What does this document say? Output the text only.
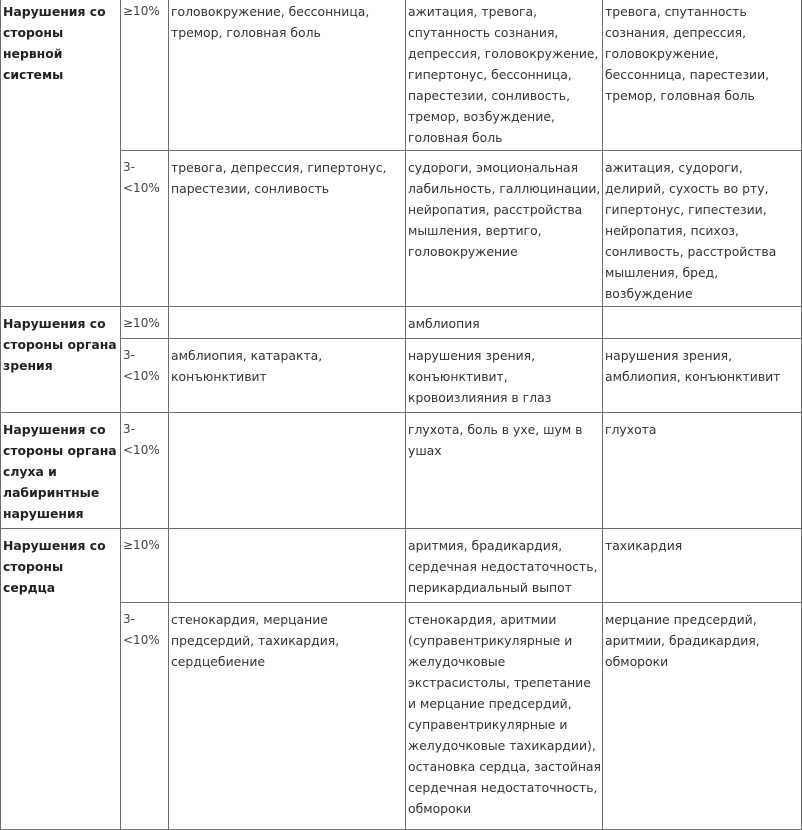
Нарушения со стороны нервной системы	≥10%	головокружение, бессонница, тремор, головная боль	ажитация, тревога, спутанность сознания, депрессия, головокружение, гипертонус, бессонница, парестезии, сонливость, тремор, возбуждение, головная боль	тревога, спутанность сознания, депрессия, головокружение, бессонница, парестезии, тремор, головная боль
	3-<10%	тревога, депрессия, гипертонус, парестезии, сонливость	судороги, эмоциональная лабильность, галлюцинации, нейропатия, расстройства мышления, вертиго, головокружение	ажитация, судороги, делирий, сухость во рту, гипертонус, гипестезии, нейропатия, психоз, сонливость, расстройства мышления, бред, возбуждение
Нарушения со стороны органа зрения	≥10%		амблиопия	
	3-<10%	амблиопия, катаракта, конъюнктивит	нарушения зрения, конъюнктивит, кровоизлияния в глаз	нарушения зрения, амблиопия, конъюнктивит
Нарушения со стороны органа слуха и лабиринтные нарушения	3-<10%		глухота, боль в ухе, шум в ушах	глухота
Нарушения со стороны сердца	≥10%		аритмия, брадикардия, сердечная недостаточность, перикардиальный выпот	тахикардия
	3-<10%	стенокардия, мерцание предсердий, тахикардия, сердцебиение	стенокардия, аритмии (суправентрикулярные и желудочковые экстрасистолы, трепетание и мерцание предсердий, суправентрикулярные и желудочковые тахикардии), остановка сердца, застойная сердечная недостаточность, обмороки	мерцание предсердий, аритмии, брадикардия, обмороки
